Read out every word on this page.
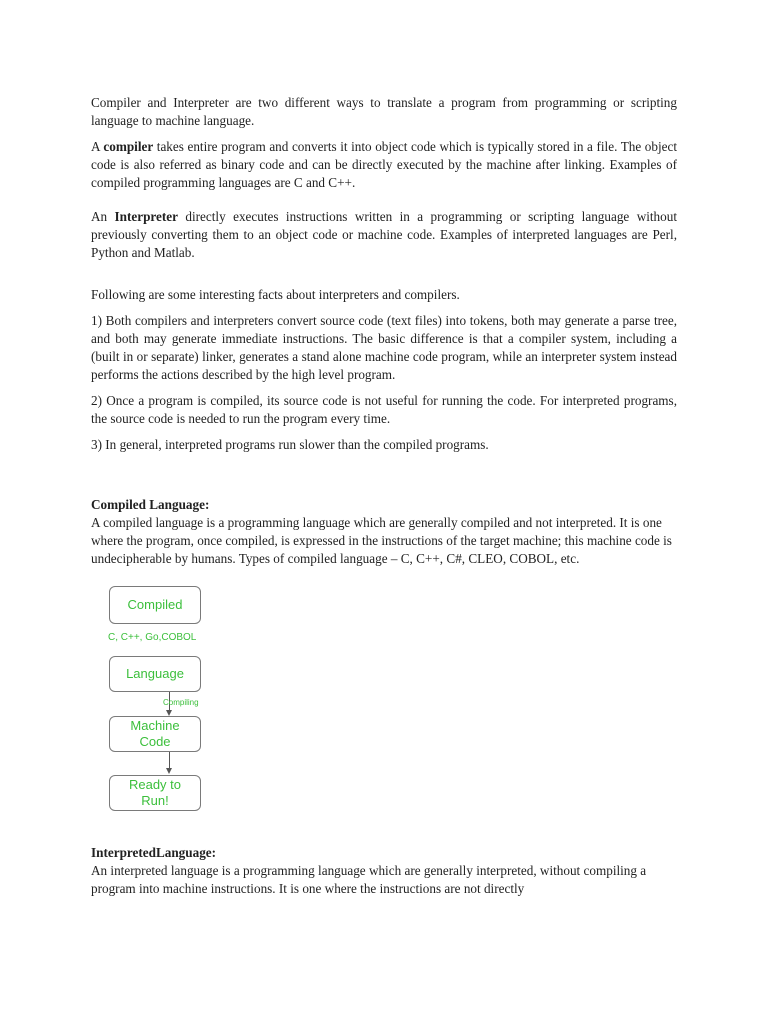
Compiler and Interpreter are two different ways to translate a program from programming or scripting language to machine language.

A compiler takes entire program and converts it into object code which is typically stored in a file. The object code is also referred as binary code and can be directly executed by the machine after linking. Examples of compiled programming languages are C and C++.

An Interpreter directly executes instructions written in a programming or scripting language without previously converting them to an object code or machine code. Examples of interpreted languages are Perl, Python and Matlab.

Following are some interesting facts about interpreters and compilers.

1) Both compilers and interpreters convert source code (text files) into tokens, both may generate a parse tree, and both may generate immediate instructions. The basic difference is that a compiler system, including a (built in or separate) linker, generates a stand alone machine code program, while an interpreter system instead performs the actions described by the high level program.

2) Once a program is compiled, its source code is not useful for running the code. For interpreted programs, the source code is needed to run the program every time.

3) In general, interpreted programs run slower than the compiled programs.

Compiled Language:

A compiled language is a programming language which are generally compiled and not interpreted. It is one where the program, once compiled, is expressed in the instructions of the target machine; this machine code is undecipherable by humans. Types of compiled language – C, C++, C#, CLEO, COBOL, etc.

Compiled
C, C++, Go,COBOL
Language
Compiling
Machine
Code
Ready to
Run!

InterpretedLanguage:

An interpreted language is a programming language which are generally interpreted, without compiling a program into machine instructions. It is one where the instructions are not directly
